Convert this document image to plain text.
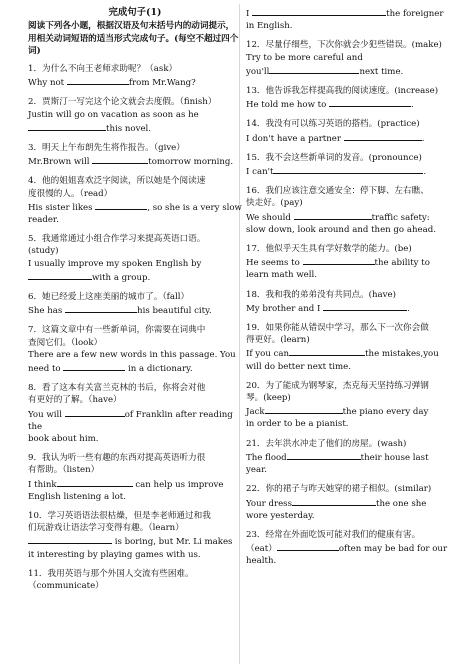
完成句子(1)
阅读下列各小题，根据汉语及句末括号内的动词提示，用相关动词短语的适当形式完成句子。(每空不超过四个词)
1．为什么不向王老师求助呢？（ask）
Why not	from Mr.Wang?
2．贾斯汀一写完这个论文就会去度假。（finish）
Justin will go on vacation as soon as he
this novel.
3．明天上午布朗先生将作报告。（give）
Mr.Brown will	tomorrow morning.
4．他的姐姐喜欢泛字阅读，所以她是个阅读速
度很慢的人。（read）
His sister likes	, so she is a very slow
reader.
5．我通常通过小组合作学习来提高英语口语。
(study)
I usually improve my spoken English by
with a group.
6．她已经爱上这座美丽的城市了。（fall）
She has	his beautiful city.
7．这篇文章中有一些新单词，你需要在词典中
查阅它们。（look）
There are a few new words in this passage. You
need to	in a dictionary.
8．看了这本有关富兰克林的书后，你将会对他
有更好的了解。（have）
You will	of Franklin after reading the
book about him.
9．我认为听一些有趣的东西对提高英语听力很
有帮助。（listen）
I think	can help us improve
English listening a lot.
10．学习英语语法很枯燥，但是李老师通过和我
们玩游戏让语法学习变得有趣。（learn）
is boring, but Mr. Li makes
it interesting by playing games with us.
11．我用英语与那个外国人交流有些困难。
（communicate）
I	the foreigner
in English.
12．尽量仔细些，下次你就会少犯些错误。(make)
Try to be more careful and
you'll	next time.
13．他告诉我怎样提高我的阅读速度。(increase)
He told me how to	.
14．我没有可以练习英语的搭档。(practice)
I don't have a partner	.
15．我不会这些新单词的发音。(pronounce)
I can't	.
16．我们应该注意交通安全：停下脚、左右瞧、
快走好。(pay)
We should	traffic safety:
slow down, look around and then go ahead.
17．他似乎天生具有学好数学的能力。(be)
He seems to	the ability to
learn math well.
18．我和我的弟弟没有共同点。(have)
My brother and I	.
19．如果你能从错误中学习，那么下一次你会做
得更好。(learn)
If you can	the mistakes,you
will do better next time.
20．为了能成为钢琴家，杰克每天坚持练习弹钢
琴。(keep)
Jack	the piano every day
in order to be a pianist.
21．去年洪水冲走了他们的房屋。(wash)
The flood	their house last year.
22．你的裙子与昨天她穿的裙子相似。(similar)
Your dress	the one she
wore yesterday.
23．经常在外面吃饭可能对我们的健康有害。
（eat）	often may be bad for our
health.
